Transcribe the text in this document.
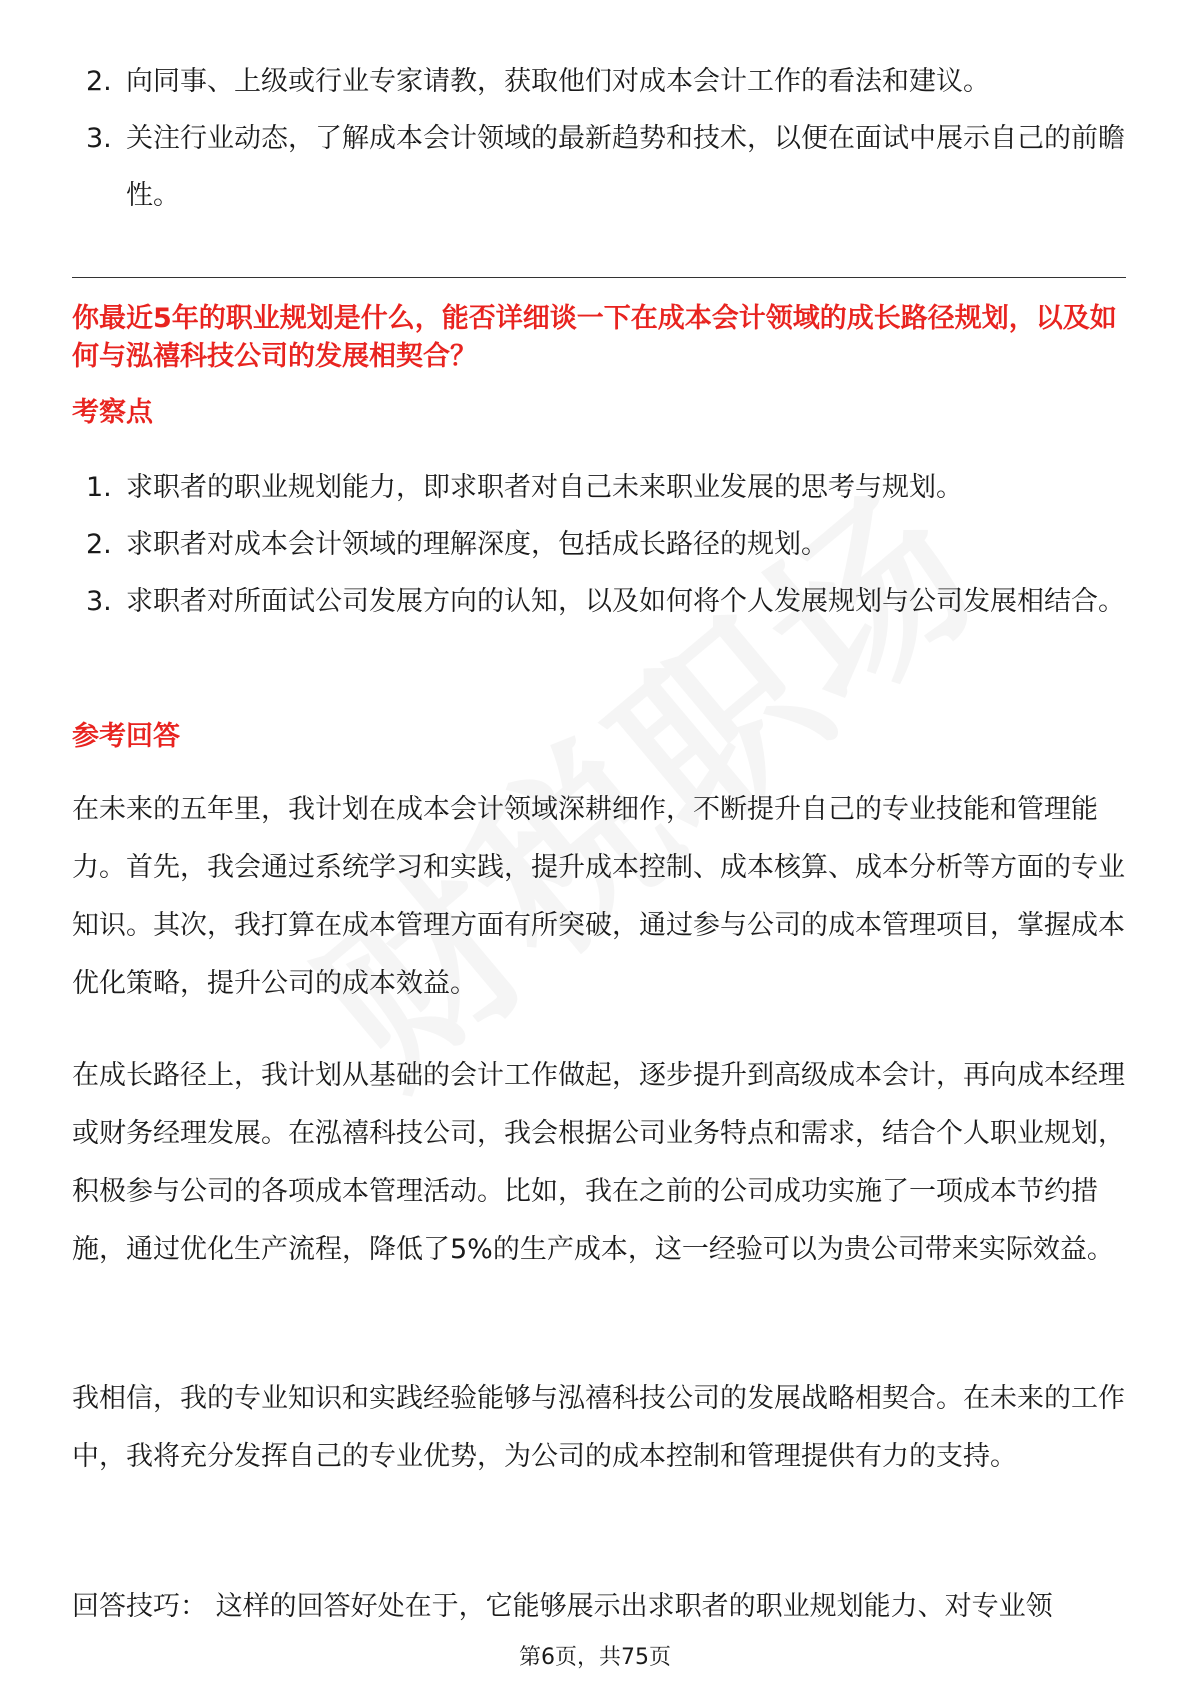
2. 向同事、上级或行业专家请教，获取他们对成本会计工作的看法和建议。
3. 关注行业动态，了解成本会计领域的最新趋势和技术，以便在面试中展示自己的前瞻性。
你最近5年的职业规划是什么，能否详细谈一下在成本会计领域的成长路径规划，以及如何与泓禧科技公司的发展相契合？
考察点
1. 求职者的职业规划能力，即求职者对自己未来职业发展的思考与规划。
2. 求职者对成本会计领域的理解深度，包括成长路径的规划。
3. 求职者对所面试公司发展方向的认知，以及如何将个人发展规划与公司发展相结合。
参考回答

在未来的五年里，我计划在成本会计领域深耕细作，不断提升自己的专业技能和管理能力。首先，我会通过系统学习和实践，提升成本控制、成本核算、成本分析等方面的专业知识。其次，我打算在成本管理方面有所突破，通过参与公司的成本管理项目，掌握成本优化策略，提升公司的成本效益。

在成长路径上，我计划从基础的会计工作做起，逐步提升到高级成本会计，再向成本经理或财务经理发展。在泓禧科技公司，我会根据公司业务特点和需求，结合个人职业规划，积极参与公司的各项成本管理活动。比如，我在之前的公司成功实施了一项成本节约措施，通过优化生产流程，降低了5%的生产成本，这一经验可以为贵公司带来实际效益。

我相信，我的专业知识和实践经验能够与泓禧科技公司的发展战略相契合。在未来的工作中，我将充分发挥自己的专业优势，为公司的成本控制和管理提供有力的支持。

回答技巧： 这样的回答好处在于，它能够展示出求职者的职业规划能力、对专业领

第6页，共75页
